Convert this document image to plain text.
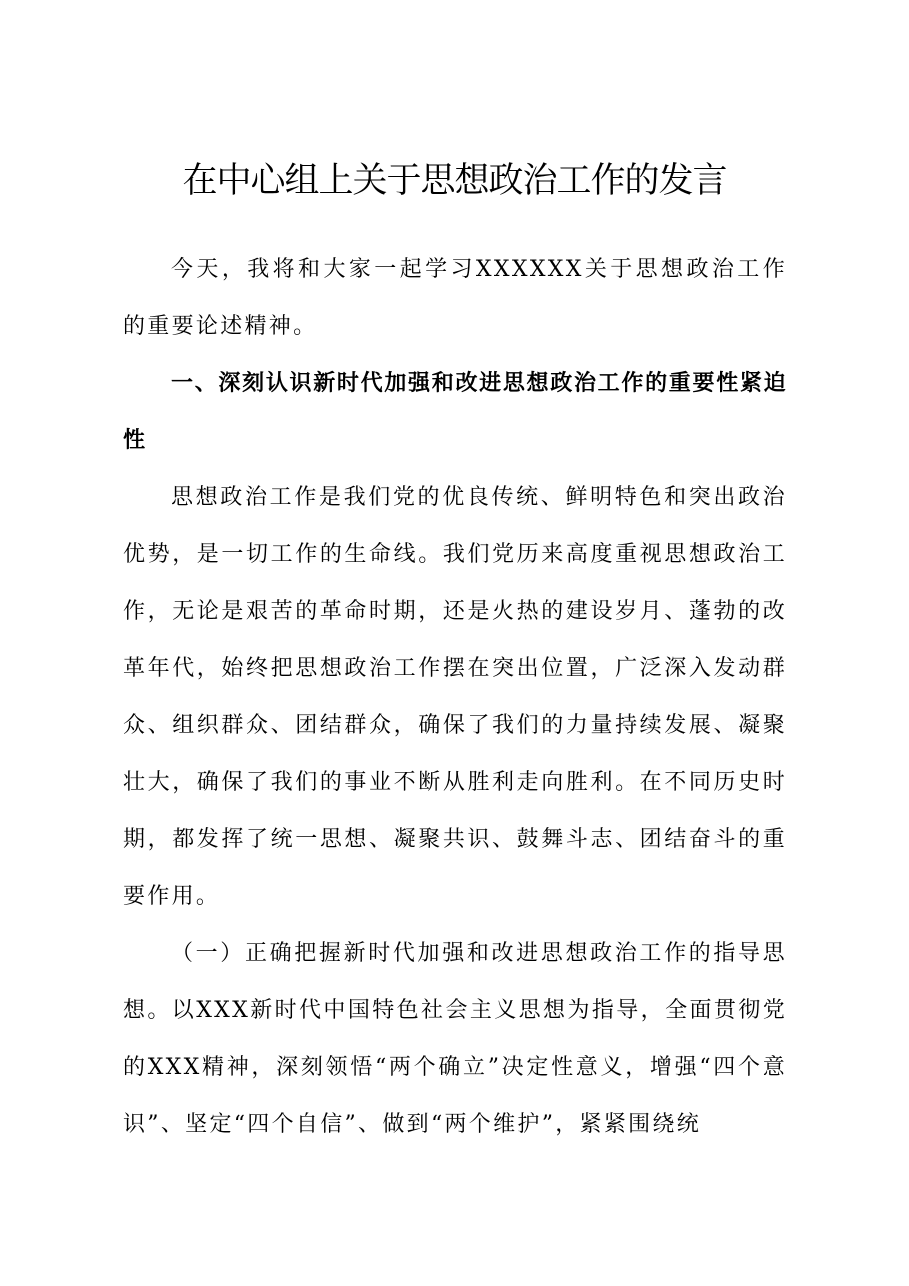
在中心组上关于思想政治工作的发言

今天，我将和大家一起学习XXXXXX关于思想政治工作的重要论述精神。

一、深刻认识新时代加强和改进思想政治工作的重要性紧迫性

思想政治工作是我们党的优良传统、鲜明特色和突出政治优势，是一切工作的生命线。我们党历来高度重视思想政治工作，无论是艰苦的革命时期，还是火热的建设岁月、蓬勃的改革年代，始终把思想政治工作摆在突出位置，广泛深入发动群众、组织群众、团结群众，确保了我们的力量持续发展、凝聚壮大，确保了我们的事业不断从胜利走向胜利。在不同历史时期，都发挥了统一思想、凝聚共识、鼓舞斗志、团结奋斗的重要作用。

（一）正确把握新时代加强和改进思想政治工作的指导思想。以XXX新时代中国特色社会主义思想为指导，全面贯彻党的XXX精神，深刻领悟“两个确立”决定性意义，增强“四个意识”、坚定“四个自信”、做到“两个维护”，紧紧围绕统
